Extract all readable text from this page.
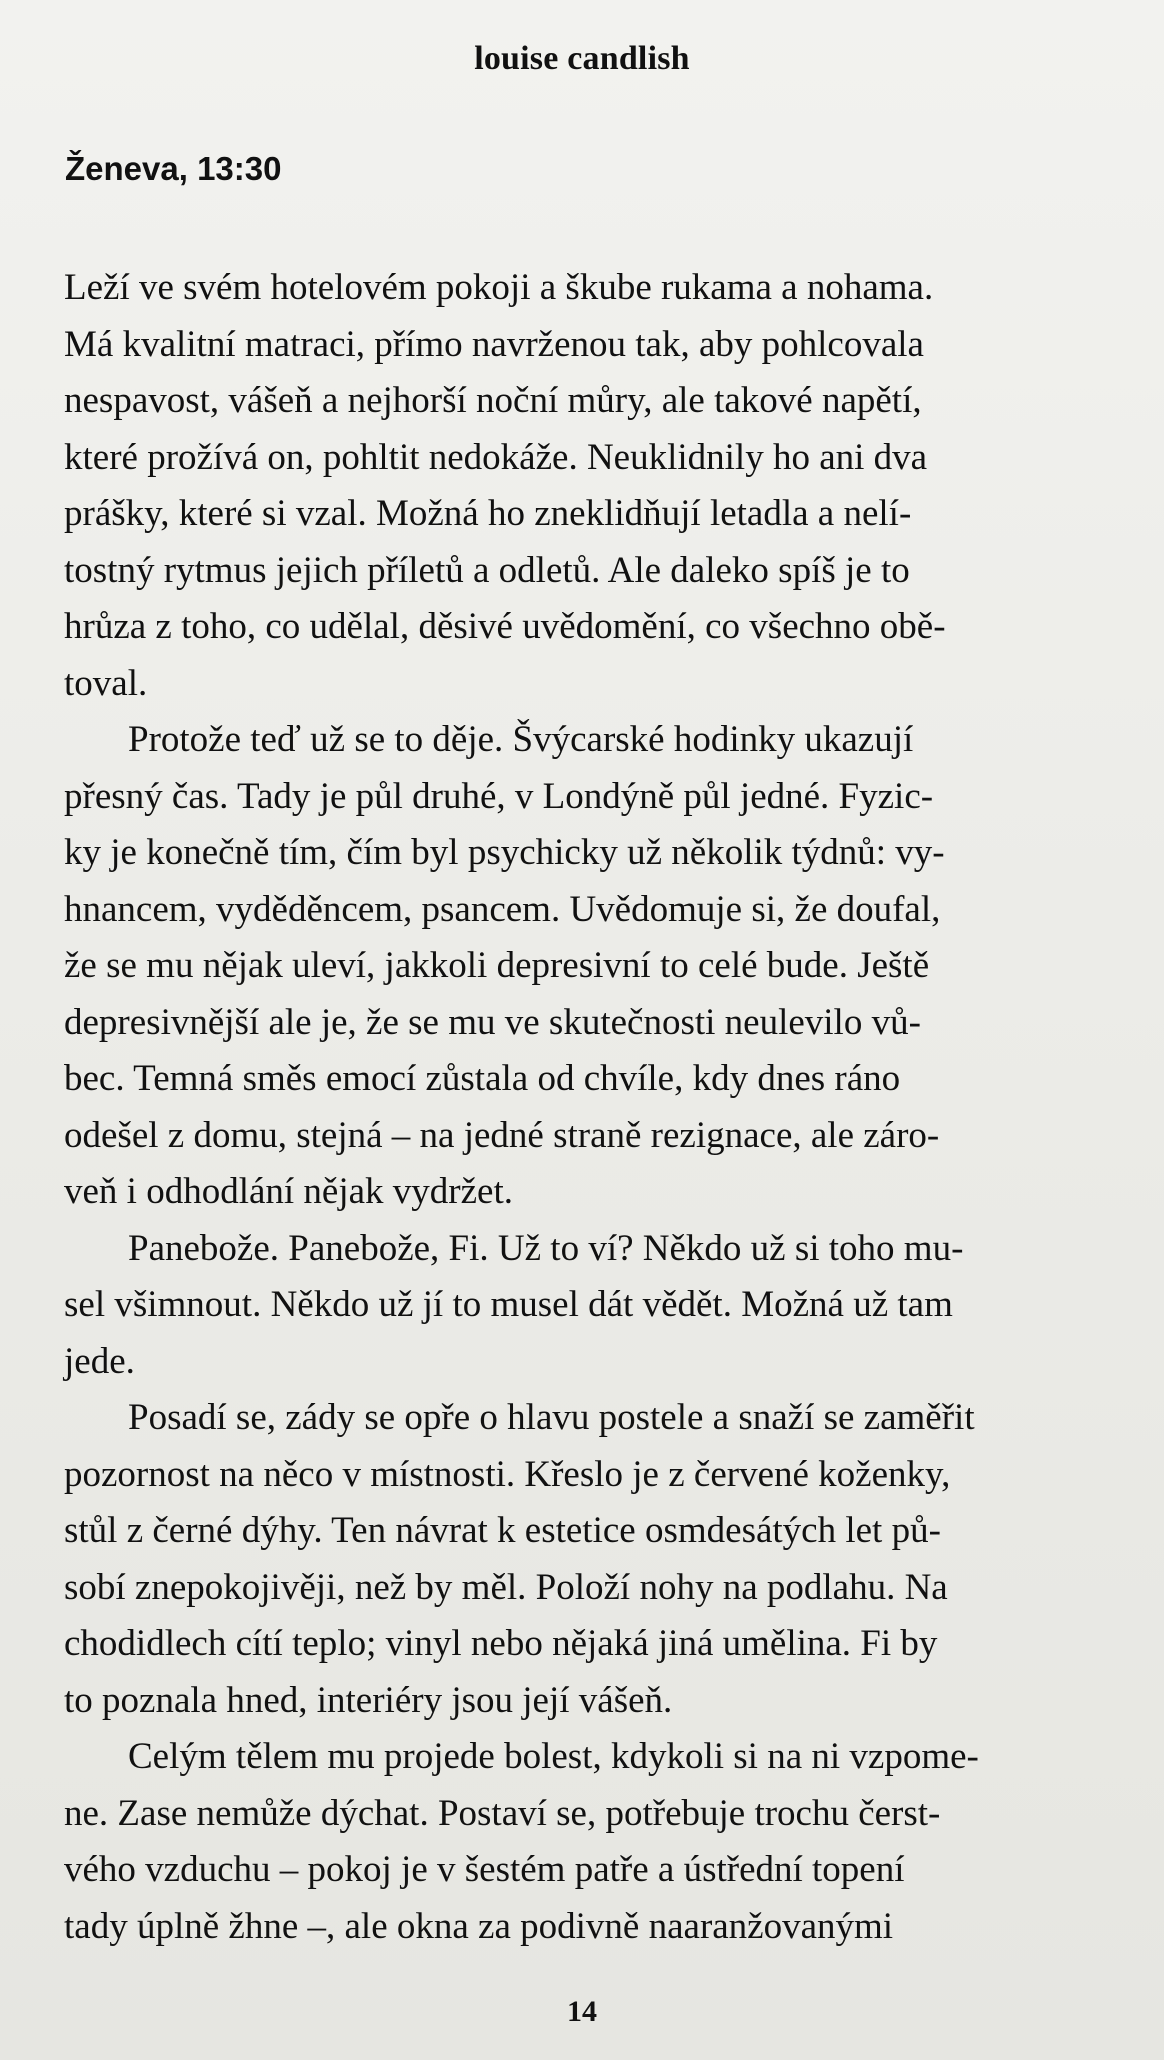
louise candlish
Ženeva, 13:30

Leží ve svém hotelovém pokoji a škube rukama a nohama.
Má kvalitní matraci, přímo navrženou tak, aby pohlcovala
nespavost, vášeň a nejhorší noční můry, ale takové napětí,
které prožívá on, pohltit nedokáže. Neuklidnily ho ani dva
prášky, které si vzal. Možná ho zneklidňují letadla a nelí-
tostný rytmus jejich příletů a odletů. Ale daleko spíš je to
hrůza z toho, co udělal, děsivé uvědomění, co všechno obě-
toval.

Protože teď už se to děje. Švýcarské hodinky ukazují
přesný čas. Tady je půl druhé, v Londýně půl jedné. Fyzic-
ky je konečně tím, čím byl psychicky už několik týdnů: vy-
hnancem, vyděděncem, psancem. Uvědomuje si, že doufal,
že se mu nějak uleví, jakkoli depresivní to celé bude. Ještě
depresivnější ale je, že se mu ve skutečnosti neulevilo vů-
bec. Temná směs emocí zůstala od chvíle, kdy dnes ráno
odešel z domu, stejná – na jedné straně rezignace, ale záro-
veň i odhodlání nějak vydržet.

Panebože. Panebože, Fi. Už to ví? Někdo už si toho mu-
sel všimnout. Někdo už jí to musel dát vědět. Možná už tam
jede.

Posadí se, zády se opře o hlavu postele a snaží se zaměřit
pozornost na něco v místnosti. Křeslo je z červené koženky,
stůl z černé dýhy. Ten návrat k estetice osmdesátých let pů-
sobí znepokojivěji, než by měl. Položí nohy na podlahu. Na
chodidlech cítí teplo; vinyl nebo nějaká jiná umělina. Fi by
to poznala hned, interiéry jsou její vášeň.

Celým tělem mu projede bolest, kdykoli si na ni vzpome-
ne. Zase nemůže dýchat. Postaví se, potřebuje trochu čerst-
vého vzduchu – pokoj je v šestém patře a ústřední topení
tady úplně žhne –, ale okna za podivně naaranžovanými

14
